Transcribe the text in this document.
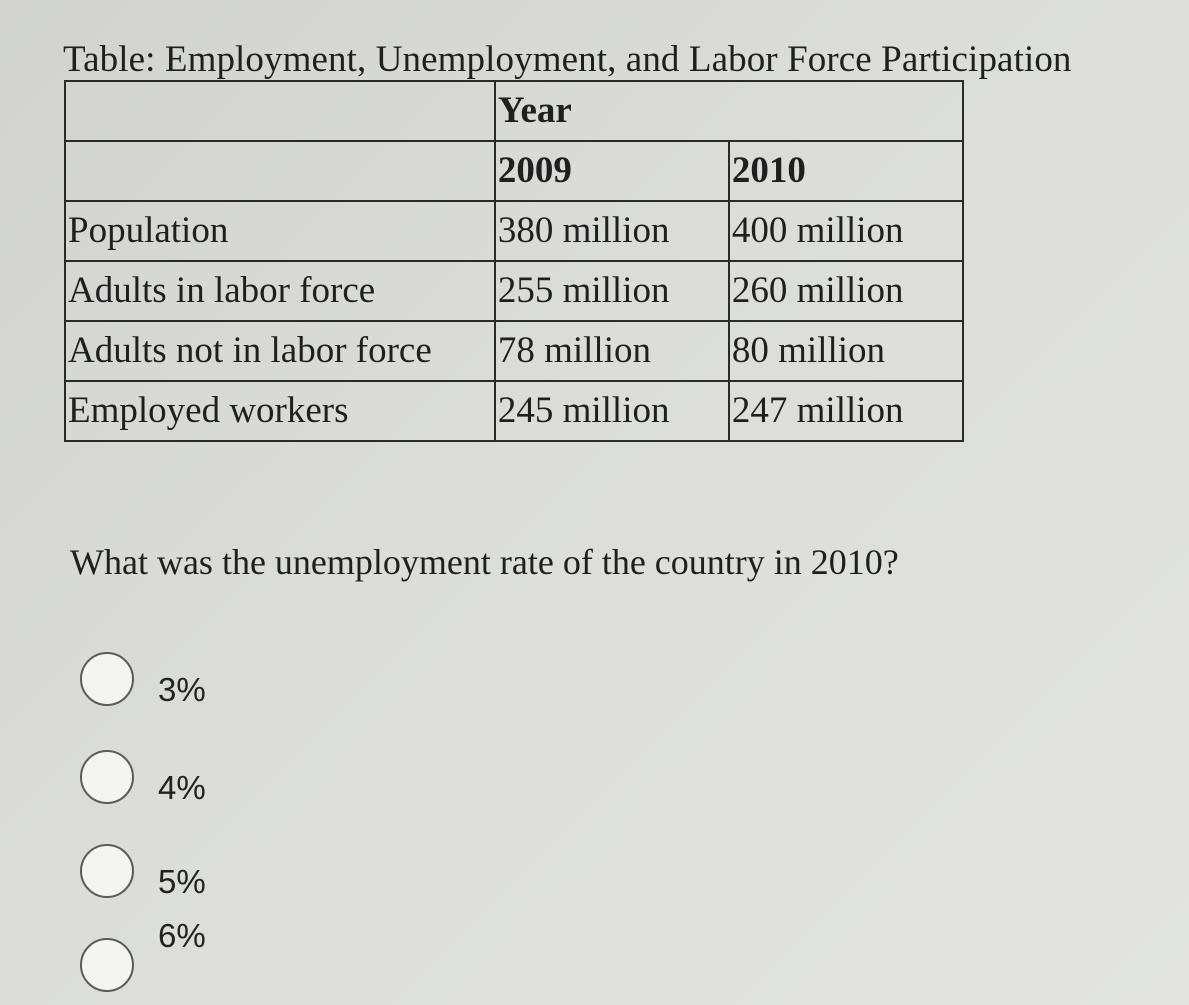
Table: Employment, Unemployment, and Labor Force Participation
	Year	
	2009	2010
Population	380 million	400 million
Adults in labor force	255 million	260 million
Adults not in labor force	78 million	80 million
Employed workers	245 million	247 million
What was the unemployment rate of the country in 2010?
3%
4%
5%
6%
